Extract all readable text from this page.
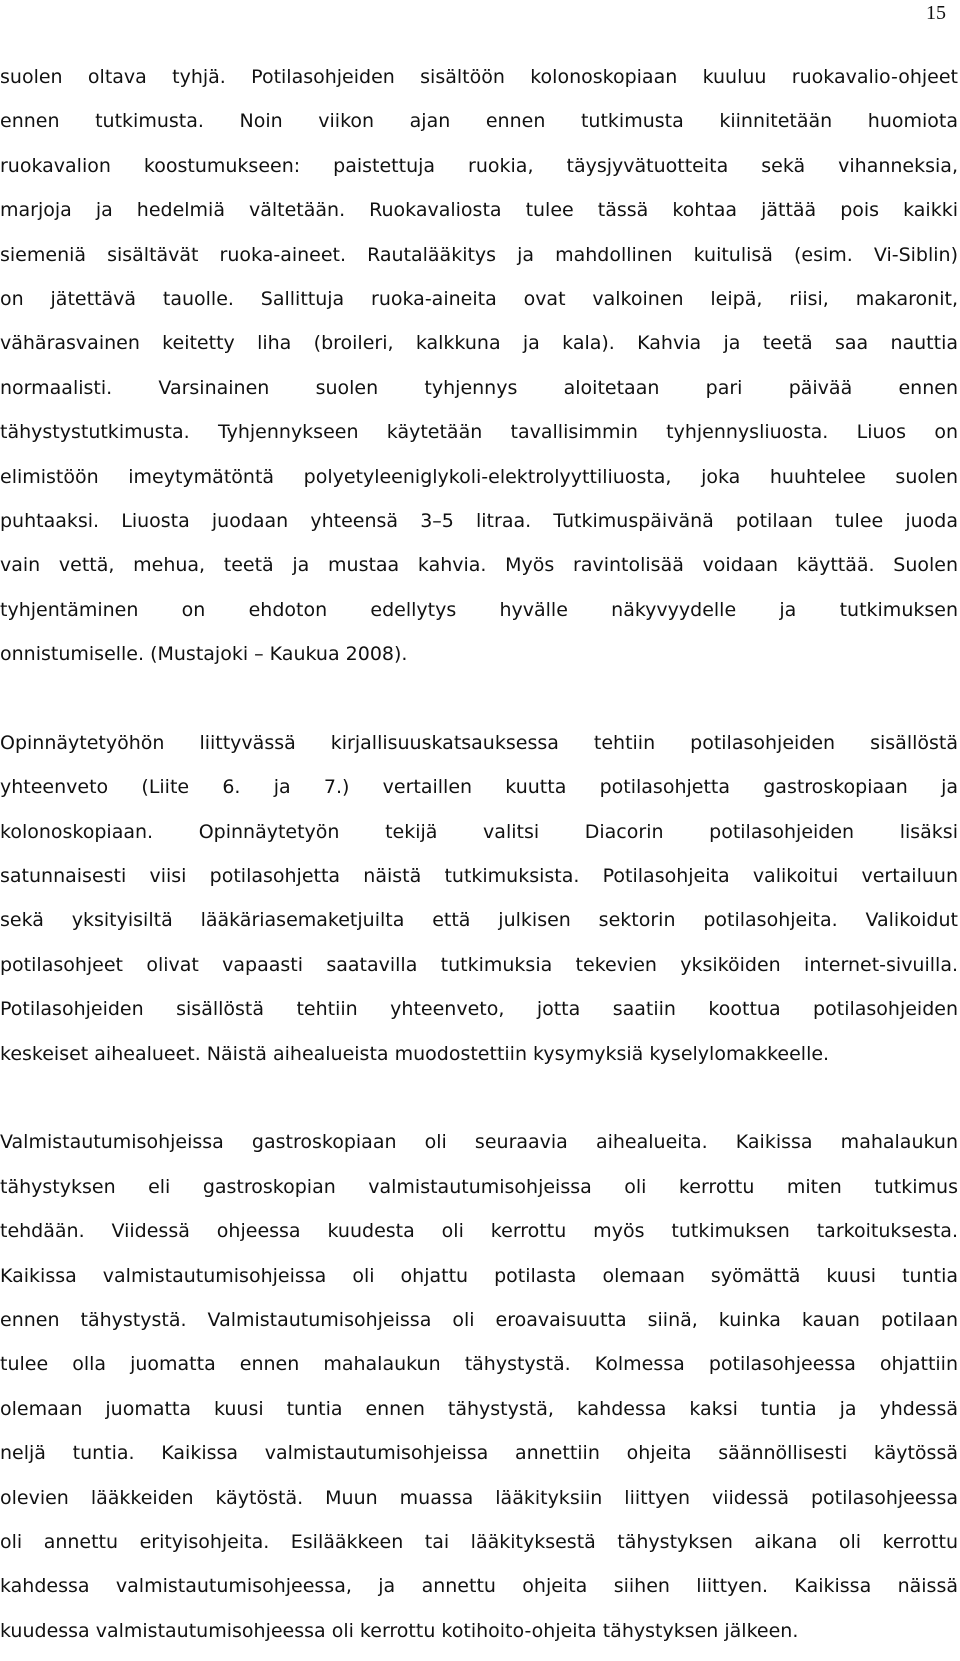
15
suolen oltava tyhjä. Potilasohjeiden sisältöön kolonoskopiaan kuuluu ruokavalio-ohjeet
ennen tutkimusta. Noin viikon ajan ennen tutkimusta kiinnitetään huomiota
ruokavalion koostumukseen: paistettuja ruokia, täysjyvätuotteita sekä vihanneksia,
marjoja ja hedelmiä vältetään. Ruokavaliosta tulee tässä kohtaa jättää pois kaikki
siemeniä sisältävät ruoka-aineet. Rautalääkitys ja mahdollinen kuitulisä (esim. Vi-Siblin)
on jätettävä tauolle. Sallittuja ruoka-aineita ovat valkoinen leipä, riisi, makaronit,
vähärasvainen keitetty liha (broileri, kalkkuna ja kala). Kahvia ja teetä saa nauttia
normaalisti. Varsinainen suolen tyhjennys aloitetaan pari päivää ennen
tähystystutkimusta. Tyhjennykseen käytetään tavallisimmin tyhjennysliuosta. Liuos on
elimistöön imeytymätöntä polyetyleeniglykoli-elektrolyyttiliuosta, joka huuhtelee suolen
puhtaaksi. Liuosta juodaan yhteensä 3–5 litraa. Tutkimuspäivänä potilaan tulee juoda
vain vettä, mehua, teetä ja mustaa kahvia. Myös ravintolisää voidaan käyttää. Suolen
tyhjentäminen on ehdoton edellytys hyvälle näkyvyydelle ja tutkimuksen
onnistumiselle. (Mustajoki – Kaukua 2008).
Opinnäytetyöhön liittyvässä kirjallisuuskatsauksessa tehtiin potilasohjeiden sisällöstä
yhteenveto (Liite 6. ja 7.) vertaillen kuutta potilasohjetta gastroskopiaan ja
kolonoskopiaan. Opinnäytetyön tekijä valitsi Diacorin potilasohjeiden lisäksi
satunnaisesti viisi potilasohjetta näistä tutkimuksista. Potilasohjeita valikoitui vertailuun
sekä yksityisiltä lääkäriasemaketjuilta että julkisen sektorin potilasohjeita. Valikoidut
potilasohjeet olivat vapaasti saatavilla tutkimuksia tekevien yksiköiden internet-sivuilla.
Potilasohjeiden sisällöstä tehtiin yhteenveto, jotta saatiin koottua potilasohjeiden
keskeiset aihealueet. Näistä aihealueista muodostettiin kysymyksiä kyselylomakkeelle.
Valmistautumisohjeissa gastroskopiaan oli seuraavia aihealueita. Kaikissa mahalaukun
tähystyksen eli gastroskopian valmistautumisohjeissa oli kerrottu miten tutkimus
tehdään. Viidessä ohjeessa kuudesta oli kerrottu myös tutkimuksen tarkoituksesta.
Kaikissa valmistautumisohjeissa oli ohjattu potilasta olemaan syömättä kuusi tuntia
ennen tähystystä. Valmistautumisohjeissa oli eroavaisuutta siinä, kuinka kauan potilaan
tulee olla juomatta ennen mahalaukun tähystystä. Kolmessa potilasohjeessa ohjattiin
olemaan juomatta kuusi tuntia ennen tähystystä, kahdessa kaksi tuntia ja yhdessä
neljä tuntia. Kaikissa valmistautumisohjeissa annettiin ohjeita säännöllisesti käytössä
olevien lääkkeiden käytöstä. Muun muassa lääkityksiin liittyen viidessä potilasohjeessa
oli annettu erityisohjeita. Esilääkkeen tai lääkityksestä tähystyksen aikana oli kerrottu
kahdessa valmistautumisohjeessa, ja annettu ohjeita siihen liittyen. Kaikissa näissä
kuudessa valmistautumisohjeessa oli kerrottu kotihoito-ohjeita tähystyksen jälkeen.
